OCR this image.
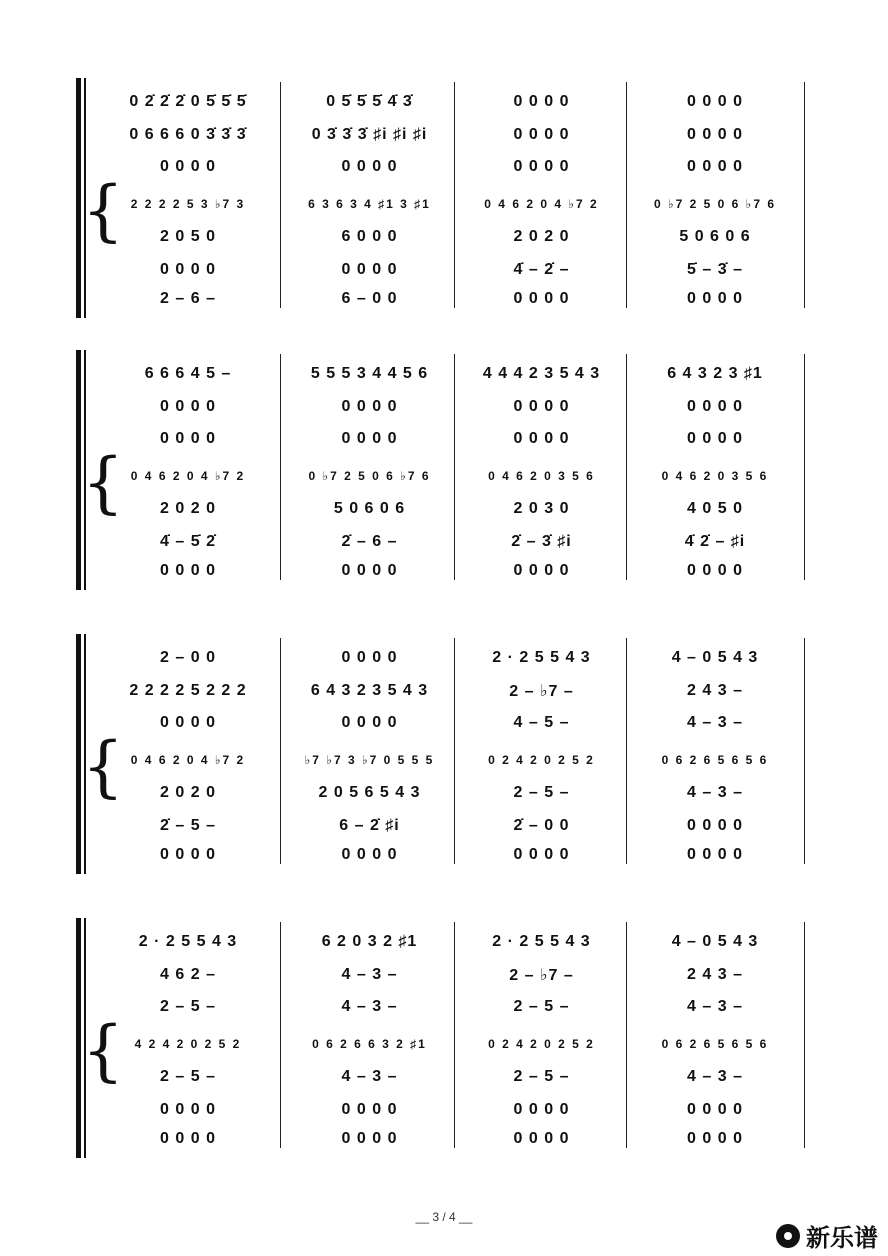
{
0 2̇ 2̇ 2̇ 0 5̇ 5̇ 5̇	0 5̇ 5̇ 5̇ 4̇ 3̇	0 0 0 0	0 0 0 0
0 6 6 6 0 3̇ 3̇ 3̇	0 3̇ 3̇ 3̇ ♯i ♯i ♯i	0 0 0 0	0 0 0 0
0 0 0 0	0 0 0 0	0 0 0 0	0 0 0 0
2 2 2 2 5 3 ♭7 3	6 3 6 3 4 ♯1 3 ♯1	0 4 6 2 0 4 ♭7 2	0 ♭7 2 5 0 6 ♭7 6
2 0 5 0	6 0 0 0	2 0 2 0	5 0 6 0 6
0 0 0 0	0 0 0 0	4̇ – 2̇ –	5̇ – 3̇ –
2 – 6 –	6 – 0 0	0 0 0 0	0 0 0 0
{
6 6 6 4 5 –	5 5 5 3 4 4 5 6	4 4 4 2 3 5 4 3	6 4 3 2 3 ♯1
0 0 0 0	0 0 0 0	0 0 0 0	0 0 0 0
0 0 0 0	0 0 0 0	0 0 0 0	0 0 0 0
0 4 6 2 0 4 ♭7 2	0 ♭7 2 5 0 6 ♭7 6	0 4 6 2 0 3 5 6	0 4 6 2 0 3 5 6
2 0 2 0	5 0 6 0 6	2 0 3 0	4 0 5 0
4̇ – 5̇ 2̇	2̇ – 6 –	2̇ – 3̇ ♯i	4̇ 2̇ – ♯i
0 0 0 0	0 0 0 0	0 0 0 0	0 0 0 0
{
2 – 0 0	0 0 0 0	2 · 2 5 5 4 3	4 – 0 5 4 3
2 2 2 2 5 2 2 2	6 4 3 2 3 5 4 3	2 – ♭7 –	2 4 3 –
0 0 0 0	0 0 0 0	4 – 5 –	4 – 3 –
0 4 6 2 0 4 ♭7 2	♭7 ♭7 3 ♭7 0 5 5 5	0 2 4 2 0 2 5 2	0 6 2 6 5 6 5 6
2 0 2 0	2 0 5 6 5 4 3	2 – 5 –	4 – 3 –
2̇ – 5 –	6 – 2̇ ♯i	2̇ – 0 0	0 0 0 0
0 0 0 0	0 0 0 0	0 0 0 0	0 0 0 0
{
2 · 2 5 5 4 3	6 2 0 3 2 ♯1	2 · 2 5 5 4 3	4 – 0 5 4 3
4 6 2 –	4 – 3 –	2 – ♭7 –	2 4 3 –
2 – 5 –	4 – 3 –	2 – 5 –	4 – 3 –
4 2 4 2 0 2 5 2	0 6 2 6 6 3 2 ♯1	0 2 4 2 0 2 5 2	0 6 2 6 5 6 5 6
2 – 5 –	4 – 3 –	2 – 5 –	4 – 3 –
0 0 0 0	0 0 0 0	0 0 0 0	0 0 0 0
0 0 0 0	0 0 0 0	0 0 0 0	0 0 0 0
__ 3 / 4 __
新乐谱
